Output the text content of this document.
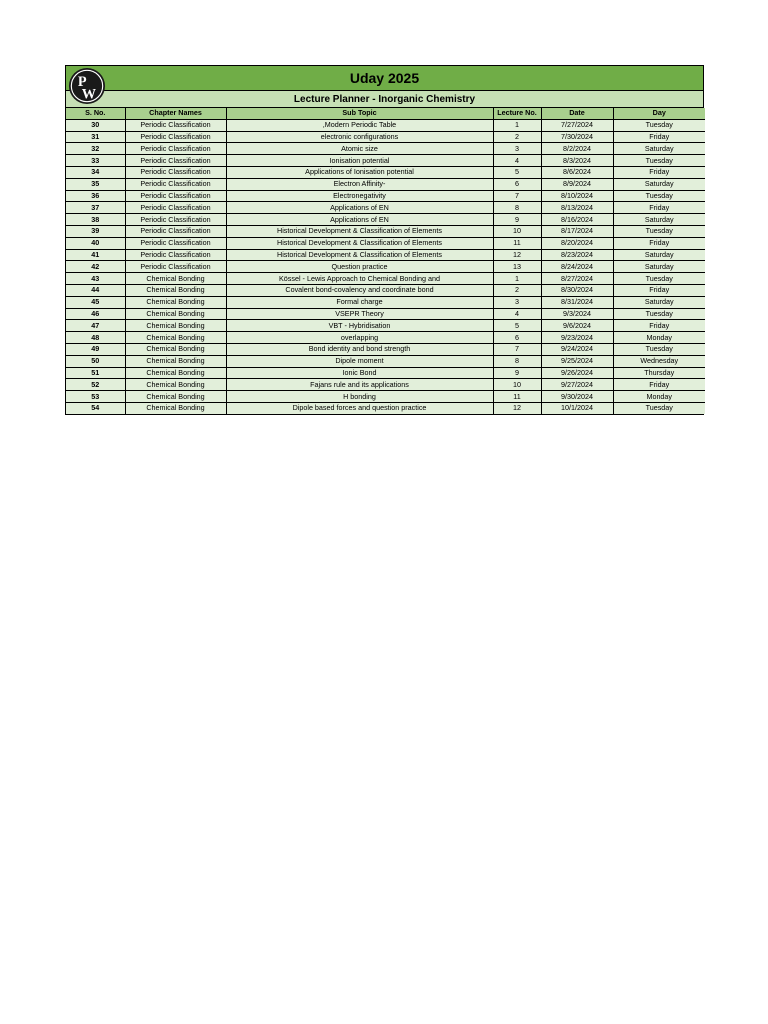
P
W
Uday 2025
Lecture Planner - Inorganic Chemistry
S. No.	Chapter Names	Sub Topic	Lecture No.	Date	Day
30	Periodic Classification	,Modern Periodic Table	1	7/27/2024	Tuesday
31	Periodic Classification	electronic configurations	2	7/30/2024	Friday
32	Periodic Classification	Atomic size	3	8/2/2024	Saturday
33	Periodic Classification	Ionisation potential	4	8/3/2024	Tuesday
34	Periodic Classification	Applications of Ionisation potential	5	8/6/2024	Friday
35	Periodic Classification	Electron Affinity-	6	8/9/2024	Saturday
36	Periodic Classification	Electronegativity	7	8/10/2024	Tuesday
37	Periodic Classification	Applications of EN	8	8/13/2024	Friday
38	Periodic Classification	Applications of EN	9	8/16/2024	Saturday
39	Periodic Classification	Historical Development & Classification of Elements	10	8/17/2024	Tuesday
40	Periodic Classification	Historical Development & Classification of Elements	11	8/20/2024	Friday
41	Periodic Classification	Historical Development & Classification of Elements	12	8/23/2024	Saturday
42	Periodic Classification	Question practice	13	8/24/2024	Saturday
43	Chemical Bonding	Kössel - Lewis Approach to Chemical Bonding and	1	8/27/2024	Tuesday
44	Chemical Bonding	Covalent bond-covalency and coordinate bond	2	8/30/2024	Friday
45	Chemical Bonding	Formal charge	3	8/31/2024	Saturday
46	Chemical Bonding	VSEPR Theory	4	9/3/2024	Tuesday
47	Chemical Bonding	VBT - Hybridisation	5	9/6/2024	Friday
48	Chemical Bonding	overlapping	6	9/23/2024	Monday
49	Chemical Bonding	Bond identity and bond strength	7	9/24/2024	Tuesday
50	Chemical Bonding	Dipole moment	8	9/25/2024	Wednesday
51	Chemical Bonding	Ionic Bond	9	9/26/2024	Thursday
52	Chemical Bonding	Fajans rule and its applications	10	9/27/2024	Friday
53	Chemical Bonding	H bonding	11	9/30/2024	Monday
54	Chemical Bonding	Dipole based forces and question practice	12	10/1/2024	Tuesday
